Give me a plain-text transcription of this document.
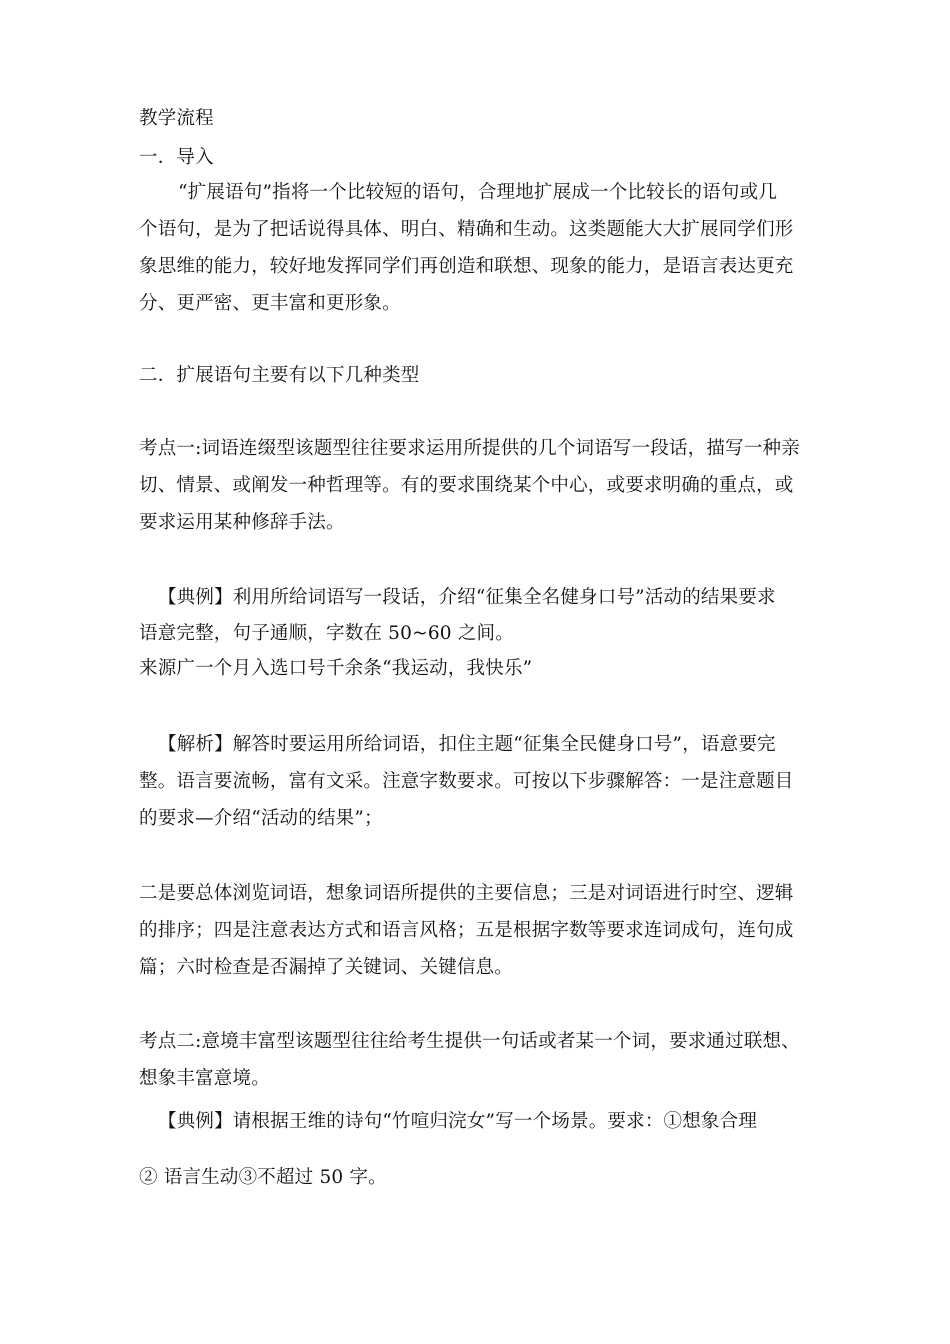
教学流程
一．导入
“扩展语句”指将一个比较短的语句，合理地扩展成一个比较长的语句或几
个语句，是为了把话说得具体、明白、精确和生动。这类题能大大扩展同学们形
象思维的能力，较好地发挥同学们再创造和联想、现象的能力，是语言表达更充
分、更严密、更丰富和更形象。
二．扩展语句主要有以下几种类型
考点一:词语连缀型该题型往往要求运用所提供的几个词语写一段话，描写一种亲
切、情景、或阐发一种哲理等。有的要求围绕某个中心，或要求明确的重点，或
要求运用某种修辞手法。
【典例】利用所给词语写一段话，介绍“征集全名健身口号”活动的结果要求
语意完整，句子通顺，字数在 50~60 之间。
来源广一个月入选口号千余条“我运动，我快乐”
【解析】解答时要运用所给词语，扣住主题“征集全民健身口号”，语意要完
整。语言要流畅，富有文采。注意字数要求。可按以下步骤解答：一是注意题目
的要求—介绍“活动的结果”；
二是要总体浏览词语，想象词语所提供的主要信息；三是对词语进行时空、逻辑
的排序；四是注意表达方式和语言风格；五是根据字数等要求连词成句，连句成
篇；六时检查是否漏掉了关键词、关键信息。
考点二:意境丰富型该题型往往给考生提供一句话或者某一个词，要求通过联想、
想象丰富意境。
【典例】请根据王维的诗句“竹喧归浣女”写一个场景。要求：①想象合理
② 语言生动③不超过 50 字。
